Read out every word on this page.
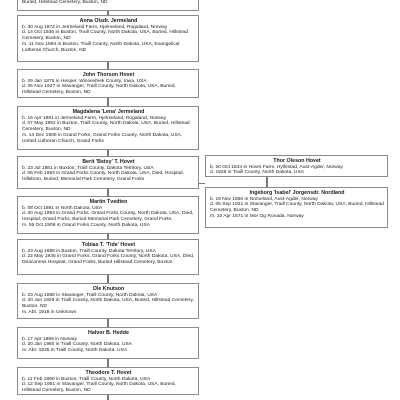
Buried, Hillstead Cemetery, Buxton, ND
Anna Olsdr. Jermeland
b. 30 Aug 1872 in Jermeland Farm, Hjelmeland, Rogaland, Norway
d. 14 Oct 1936 in Buxton, Traill County, North Dakota, USA, Buried, Hillstead Cemetery, Buxton, ND
m. 11 Nov 1894 in Buxton, Traill County, North Dakota, USA, Evangelical Lutheran Church, Buxton, ND
John Thorson Hovet
b. 29 Jan 1875 in Hesper, Winneshiek County, Iowa, USA
d. 25 Nov 1927 in Stavanger, Traill County, North Dakota, USA, Buried, Hillstead Cemetery, Buxton, ND
Magdalena 'Lena' Jermeland
b. 16 Apr 1881 in Jermeland Farm, Hjelmeland, Rogaland, Norway
d. 07 May 1952 in Buxton, Traill County, North Dakota, USA, Buried, Hillstead Cemetery, Buxton, ND
m. 14 Dec 1900 in Grand Forks, Grand Forks County, North Dakota, USA, United Lutheran Church, Grand Forks
Berit 'Betsy' T. Hovet
b. 23 Jul 1881 in Buxton, Traill County, Dakota Territory, USA
d. 06 Feb 1953 in Grand Forks County, North Dakota, USA, Died, Hospital, Hillsboro, Buried, Memorial Park Cemetery, Grand Forks
Martin Tvedten
b. 08 Oct 1891 in North Dakota, USA
d. 20 Aug 1953 in Grand Forks, Grand Forks County, North Dakota, USA, Died, Hospital, Grand Forks, Buried Memorial Park Cemetery, Grand Forks
m. 06 Oct 1909 in Grand Forks County, North Dakota, USA
Tobias T. 'Tide' Hovet
b. 23 Aug 1888 in Buxton, Traill County, Dakota Territory, USA
d. 22 May 1945 in Grand Forks, Grand Forks County, North Dakota, USA, Died, Deaconess Hospital, Grand Forks, Buried Hillstead Cemetery, Buxton
Ole Knutson
b. 23 Aug 1888 in Stavanger, Traill County, North Dakota, USA
d. 20 Jun 1929 in Traill County, North Dakota, USA, Buried, Hillstead Cemetery, Buxton, ND
m. Abt. 1918 in Unknown
Halvor B. Hedde
b. 17 Apr 1889 in Norway
d. 20 Jan 1960 in Traill County, North Dakota, USA
m. Abt. 1935 in Traill County, North Dakota, USA
Theodore T. Hovet
b. 11 Feb 1890 in Buxton, Traill County, North Dakota, USA
d. 12 Sep 1951 in Stavanger, Traill County, North Dakota, USA, Buried, Hillstead Cemetery, Buxton, ND
Thor Oleson Hovet
b. 20 Oct 1844 in Hovet Farm, Hyllestad, Aust-Agder, Norway
d. 1928 in Traill County, North Dakota, USA
Ingeborg 'Isabel' Jorgensdr. Nordland
b. 19 Nov 1850 in Nomeland, Aust-Agder, Norway
d. 06 Sep 1921 in Stavanger, Traill County, North Dakota, USA, Buried, Hillstead Cemetery, Buxton, ND
m. 10 Apr 1871 in Mor Og Ronada, Norway
